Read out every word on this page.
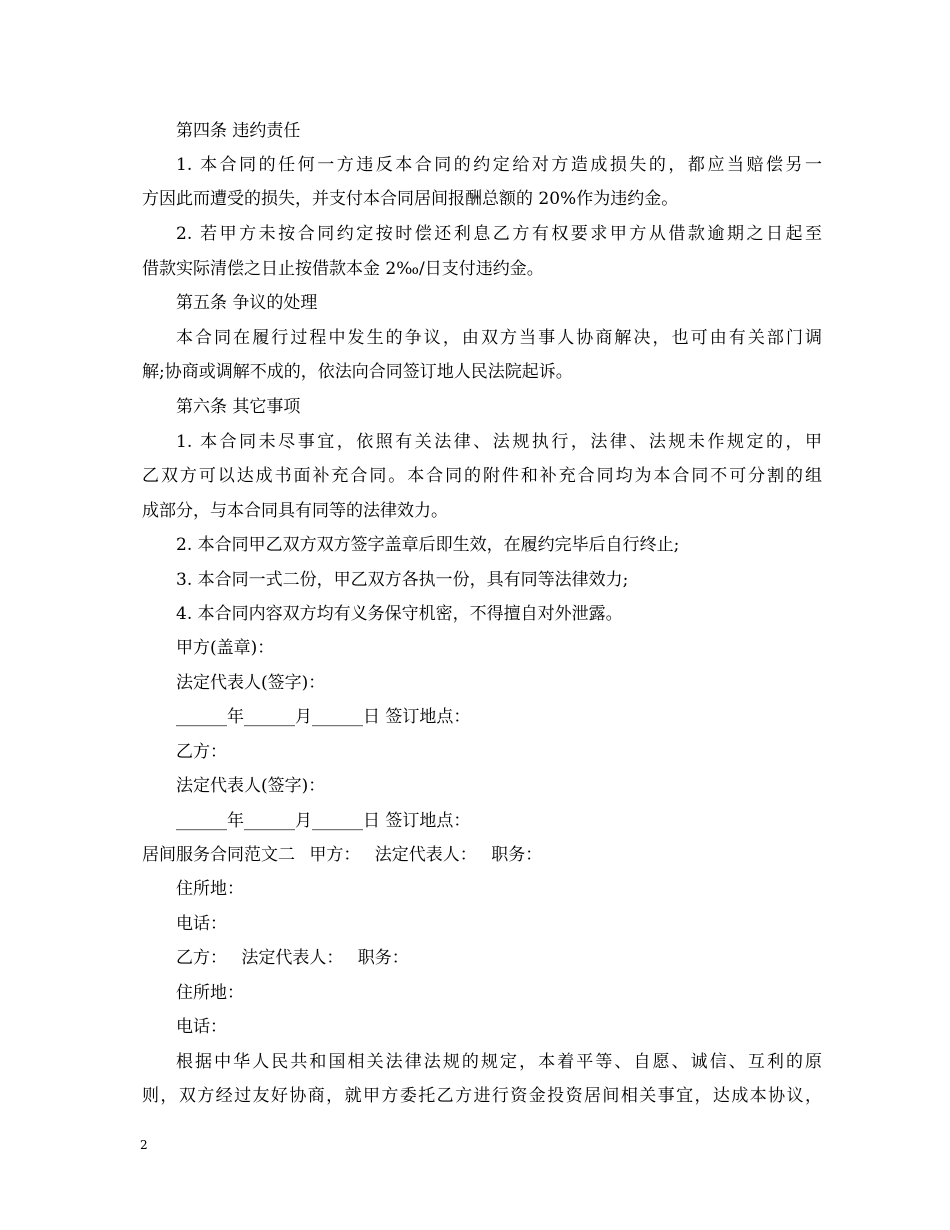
第四条 违约责任
1. 本合同的任何一方违反本合同的约定给对方造成损失的，都应当赔偿另一
方因此而遭受的损失，并支付本合同居间报酬总额的 20%作为违约金。
2. 若甲方未按合同约定按时偿还利息乙方有权要求甲方从借款逾期之日起至
借款实际清偿之日止按借款本金 2‰/日支付违约金。
第五条 争议的处理
本合同在履行过程中发生的争议，由双方当事人协商解决，也可由有关部门调
解;协商或调解不成的，依法向合同签订地人民法院起诉。
第六条 其它事项
1. 本合同未尽事宜，依照有关法律、法规执行，法律、法规未作规定的，甲
乙双方可以达成书面补充合同。本合同的附件和补充合同均为本合同不可分割的组
成部分，与本合同具有同等的法律效力。
2. 本合同甲乙双方双方签字盖章后即生效，在履约完毕后自行终止;
3. 本合同一式二份，甲乙双方各执一份，具有同等法律效力;
4. 本合同内容双方均有义务保守机密，不得擅自对外泄露。
甲方(盖章)：
法定代表人(签字)：
______年______月______日 签订地点：
乙方：
法定代表人(签字)：
______年______月______日 签订地点：
居间服务合同范文二 甲方： 法定代表人： 职务：
住所地：
电话：
乙方： 法定代表人： 职务：
住所地：
电话：
根据中华人民共和国相关法律法规的规定，本着平等、自愿、诚信、互利的原
则，双方经过友好协商，就甲方委托乙方进行资金投资居间相关事宜，达成本协议，
2
